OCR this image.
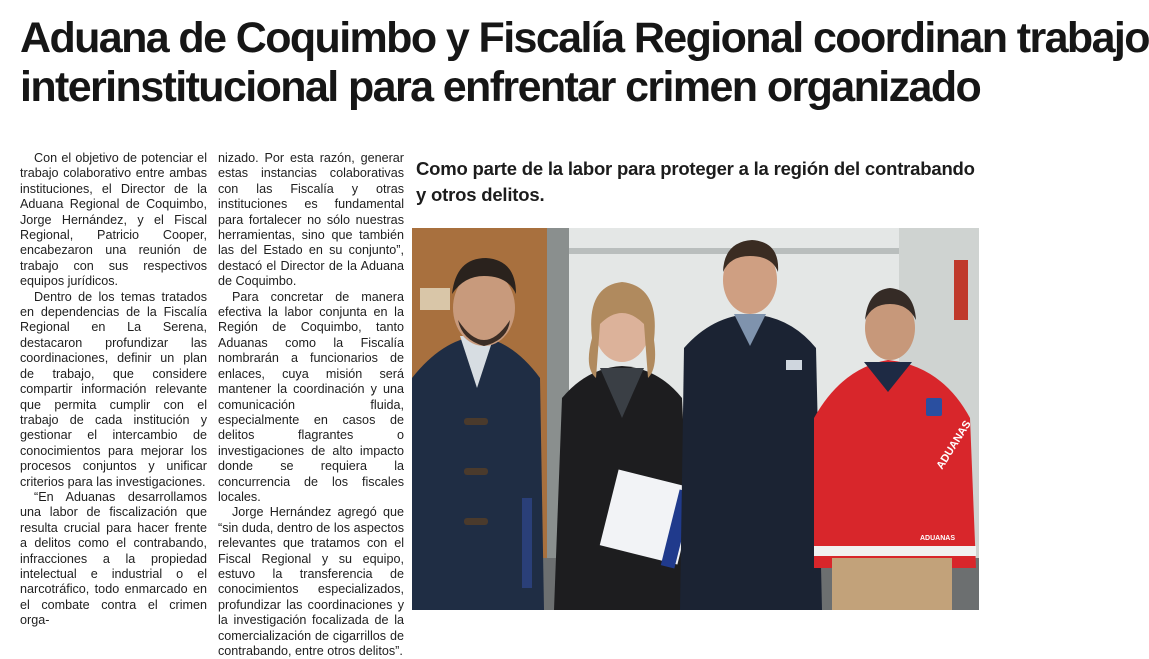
Aduana de Coquimbo y Fiscalía Regional coordinan trabajo
interinstitucional para enfrentar crimen organizado

Con el objetivo de potenciar el trabajo colaborativo entre ambas instituciones, el Director de la Aduana Regional de Coquimbo, Jorge Hernández, y el Fiscal Regional, Patricio Cooper, encabezaron una reunión de trabajo con sus respectivos equipos jurídicos.

Dentro de los temas tratados en dependencias de la Fiscalía Regional en La Serena, destacaron profundizar las coordinaciones, definir un plan de trabajo, que considere compartir información relevante que permita cumplir con el trabajo de cada institución y gestionar el intercambio de conocimientos para mejorar los procesos conjuntos y unificar criterios para las investigaciones.

“En Aduanas desarrollamos una labor de fiscalización que resulta crucial para hacer frente a delitos como el contrabando, infracciones a la propiedad intelectual e industrial o el narcotráfico, todo enmarcado en el combate contra el crimen orga-

nizado. Por esta razón, generar estas instancias colaborativas con las Fiscalía y otras instituciones es fundamental para fortalecer no sólo nuestras herramientas, sino que también las del Estado en su conjunto”, destacó el Director de la Aduana de Coquimbo.

Para concretar de manera efectiva la labor conjunta en la Región de Coquimbo, tanto Aduanas como la Fiscalía nombrarán a funcionarios de enlaces, cuya misión será mantener la coordinación y una comunicación fluida, especialmente en casos de delitos flagrantes o investigaciones de alto impacto donde se requiera la concurrencia de los fiscales locales.

Jorge Hernández agregó que “sin duda, dentro de los aspectos relevantes que tratamos con el Fiscal Regional y su equipo, estuvo la transferencia de conocimientos especializados, profundizar las coordinaciones y la investigación focalizada de la comercialización de cigarrillos de contrabando, entre otros delitos”.

Como parte de la labor para proteger a la región del contrabando y otros delitos.
ADUANAS
ADUANAS
